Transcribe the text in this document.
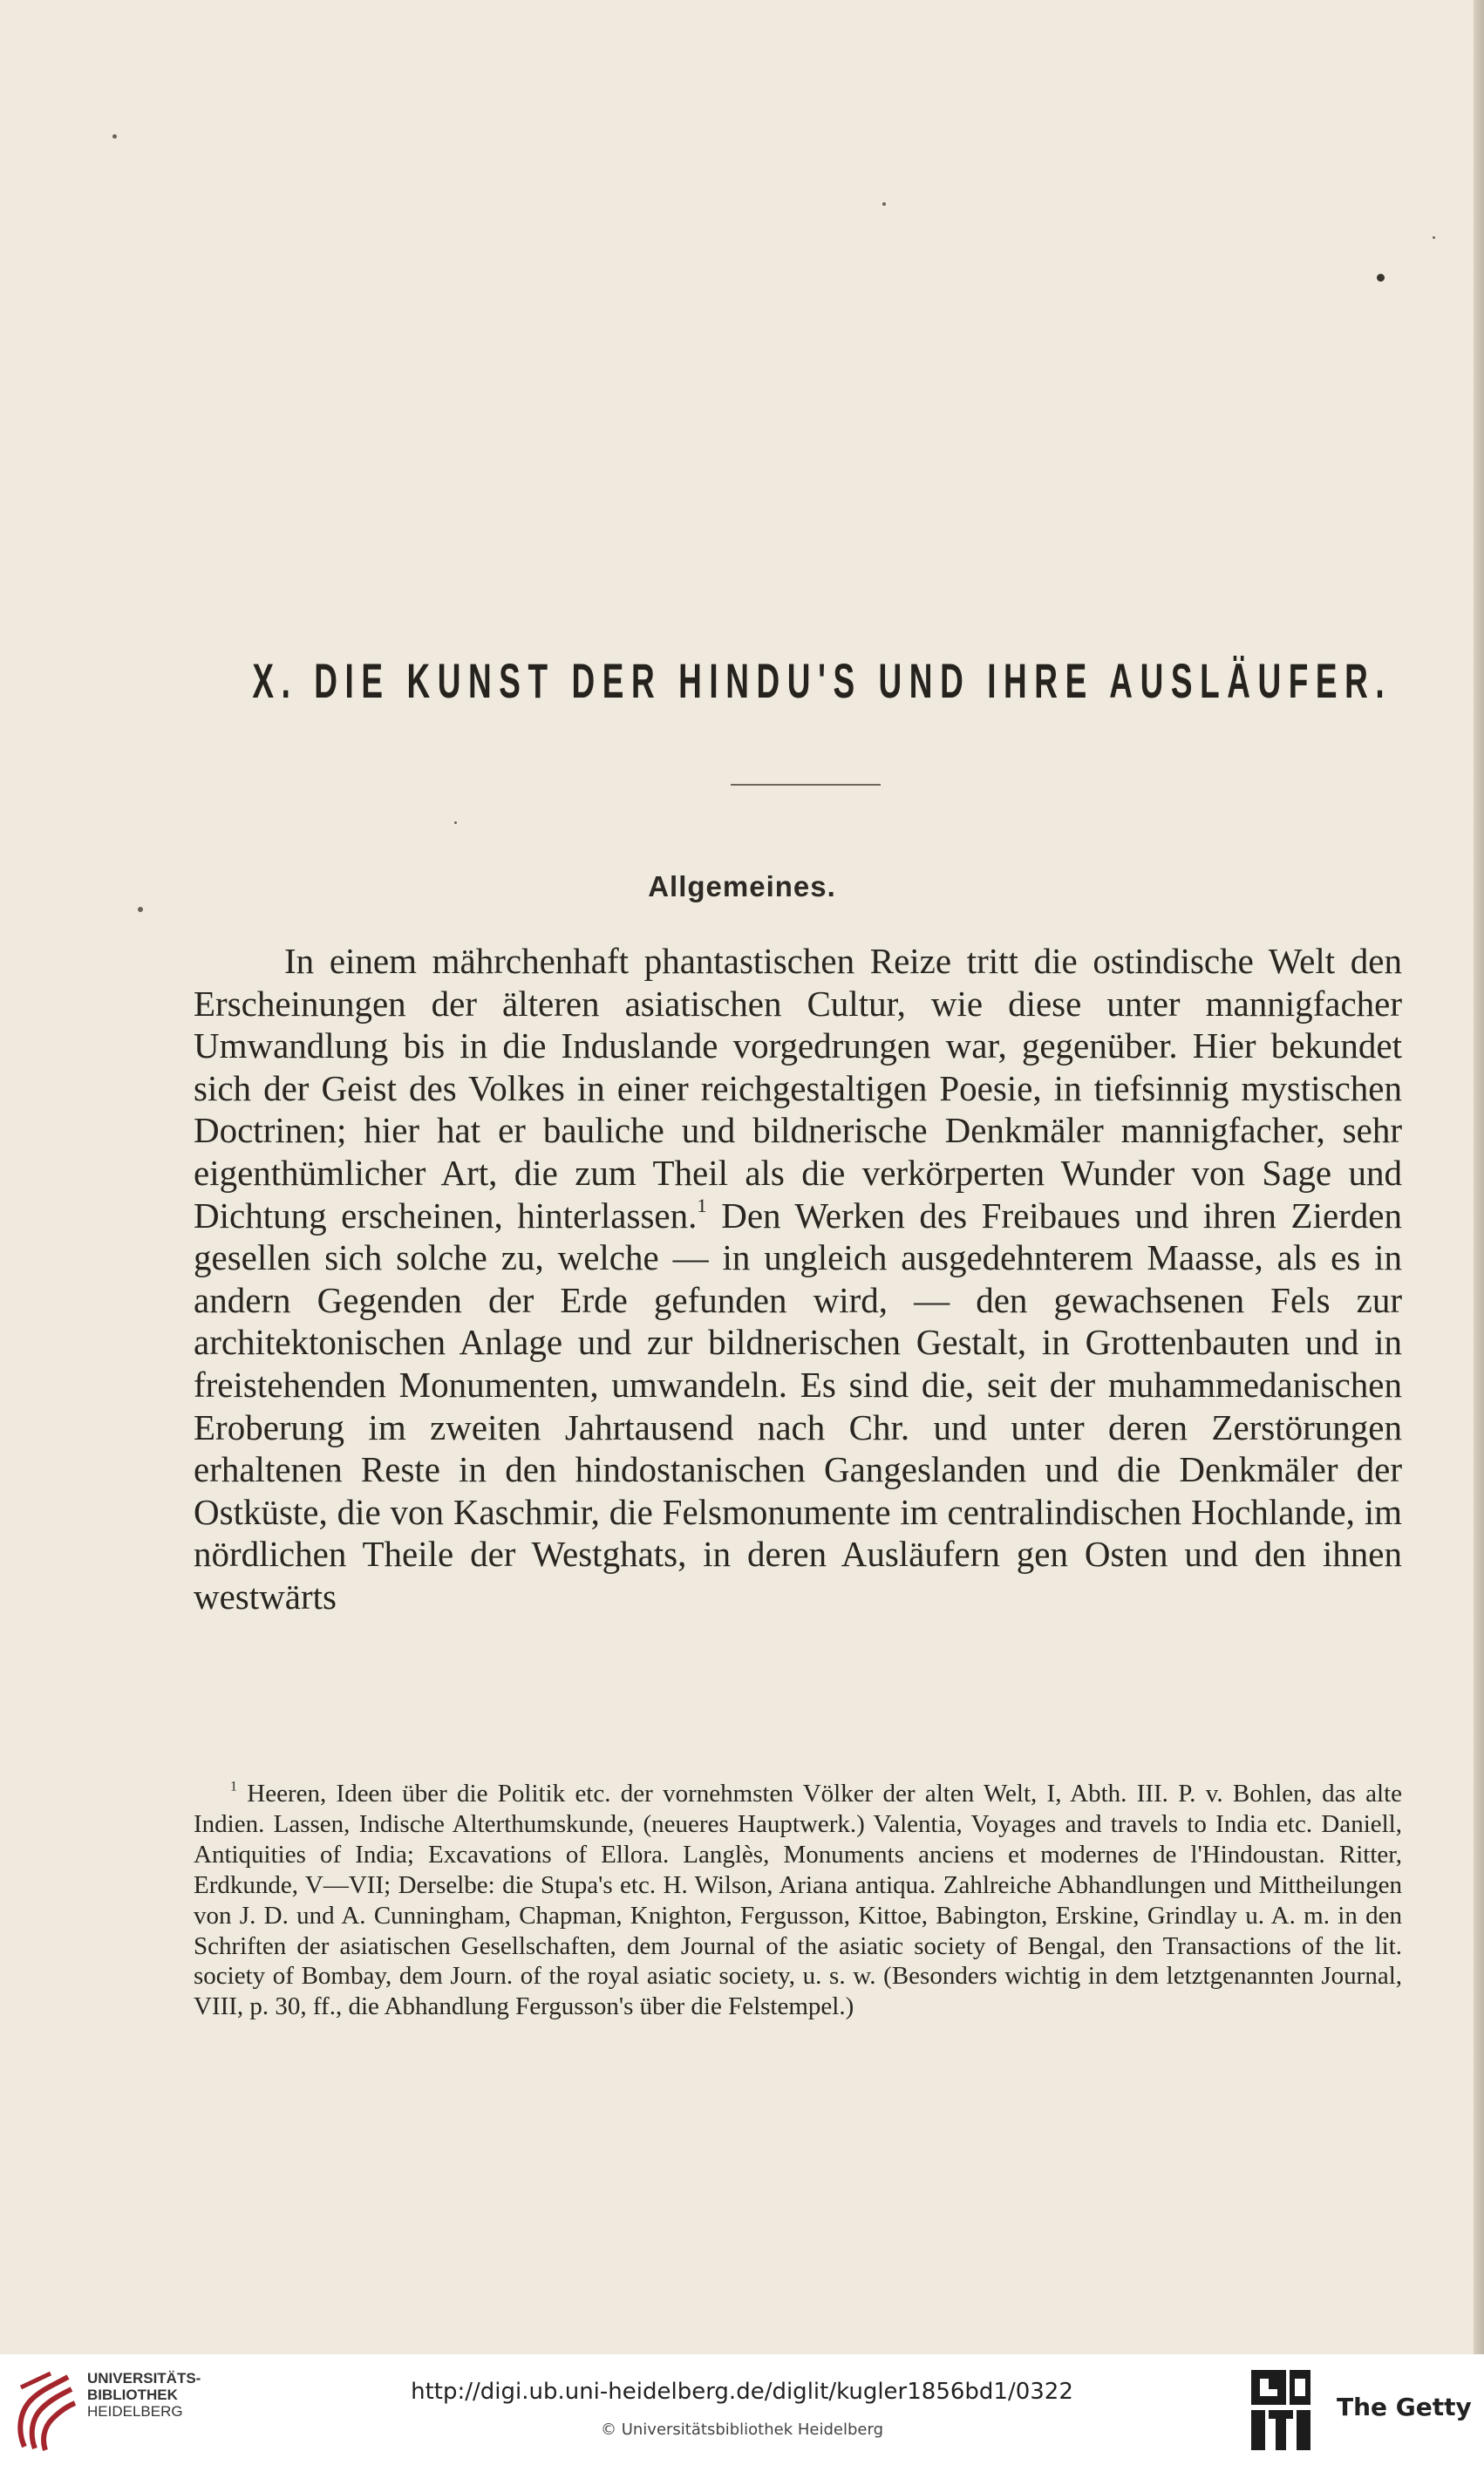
X. DIE KUNST DER HINDU'S UND IHRE AUSLÄUFER.
Allgemeines.

In einem mährchenhaft phantastischen Reize tritt die ostindische Welt den Erscheinungen der älteren asiatischen Cultur, wie diese unter mannigfacher Umwandlung bis in die Induslande vorgedrungen war, gegenüber. Hier bekundet sich der Geist des Volkes in einer reichgestaltigen Poesie, in tiefsinnig mystischen Doctrinen; hier hat er bauliche und bildnerische Denkmäler mannigfacher, sehr eigenthümlicher Art, die zum Theil als die verkörperten Wunder von Sage und Dichtung erscheinen, hinterlassen.$^1$ Den Werken des Freibaues und ihren Zierden gesellen sich solche zu, welche — in ungleich ausgedehnterem Maasse, als es in andern Gegenden der Erde gefunden wird, — den gewachsenen Fels zur architektonischen Anlage und zur bildnerischen Gestalt, in Grottenbauten und in freistehenden Monumenten, umwandeln. Es sind die, seit der muhammedanischen Eroberung im zweiten Jahrtausend nach Chr. und unter deren Zerstörungen erhaltenen Reste in den hindostanischen Gangeslanden und die Denkmäler der Ostküste, die von Kaschmir, die Felsmonumente im centralindischen Hochlande, im nördlichen Theile der Westghats, in deren Ausläufern gen Osten und den ihnen westwärts

$^1$ Heeren, Ideen über die Politik etc. der vornehmsten Völker der alten Welt, I, Abth. III. P. v. Bohlen, das alte Indien. Lassen, Indische Alterthumskunde, (neueres Hauptwerk.) Valentia, Voyages and travels to India etc. Daniell, Antiquities of India; Excavations of Ellora. Langlès, Monuments anciens et modernes de l'Hindoustan. Ritter, Erdkunde, V—VII; Derselbe: die Stupa's etc. H. Wilson, Ariana antiqua. Zahlreiche Abhandlungen und Mittheilungen von J. D. und A. Cunningham, Chapman, Knighton, Fergusson, Kittoe, Babington, Erskine, Grindlay u. A. m. in den Schriften der asiatischen Gesellschaften, dem Journal of the asiatic society of Bengal, den Transactions of the lit. society of Bombay, dem Journ. of the royal asiatic society, u. s. w. (Besonders wichtig in dem letztgenannten Journal, VIII, p. 30, ff., die Abhandlung Fergusson's über die Felstempel.)

UNIVERSITÄTS-
BIBLIOTHEK
HEIDELBERG
http://digi.ub.uni-heidelberg.de/diglit/kugler1856bd1/0322
© Universitätsbibliothek Heidelberg
The Getty
